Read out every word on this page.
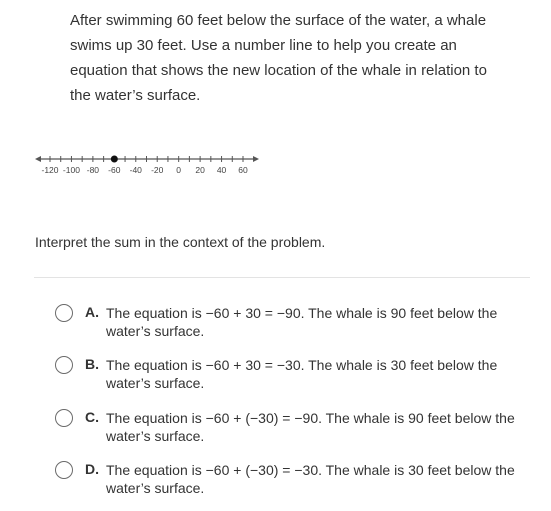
After swimming 60 feet below the surface of the water, a whale swims up 30 feet. Use a number line to help you create an equation that shows the new location of the whale in relation to the water’s surface.
-120 -100 -80 -60 -40 -20 0 20 40 60
Interpret the sum in the context of the problem.
A. The equation is −60 + 30 = −90. The whale is 90 feet below the water’s surface.
B. The equation is −60 + 30 = −30. The whale is 30 feet below the water’s surface.
C. The equation is −60 + (−30) = −90. The whale is 90 feet below the water’s surface.
D. The equation is −60 + (−30) = −30. The whale is 30 feet below the water’s surface.
